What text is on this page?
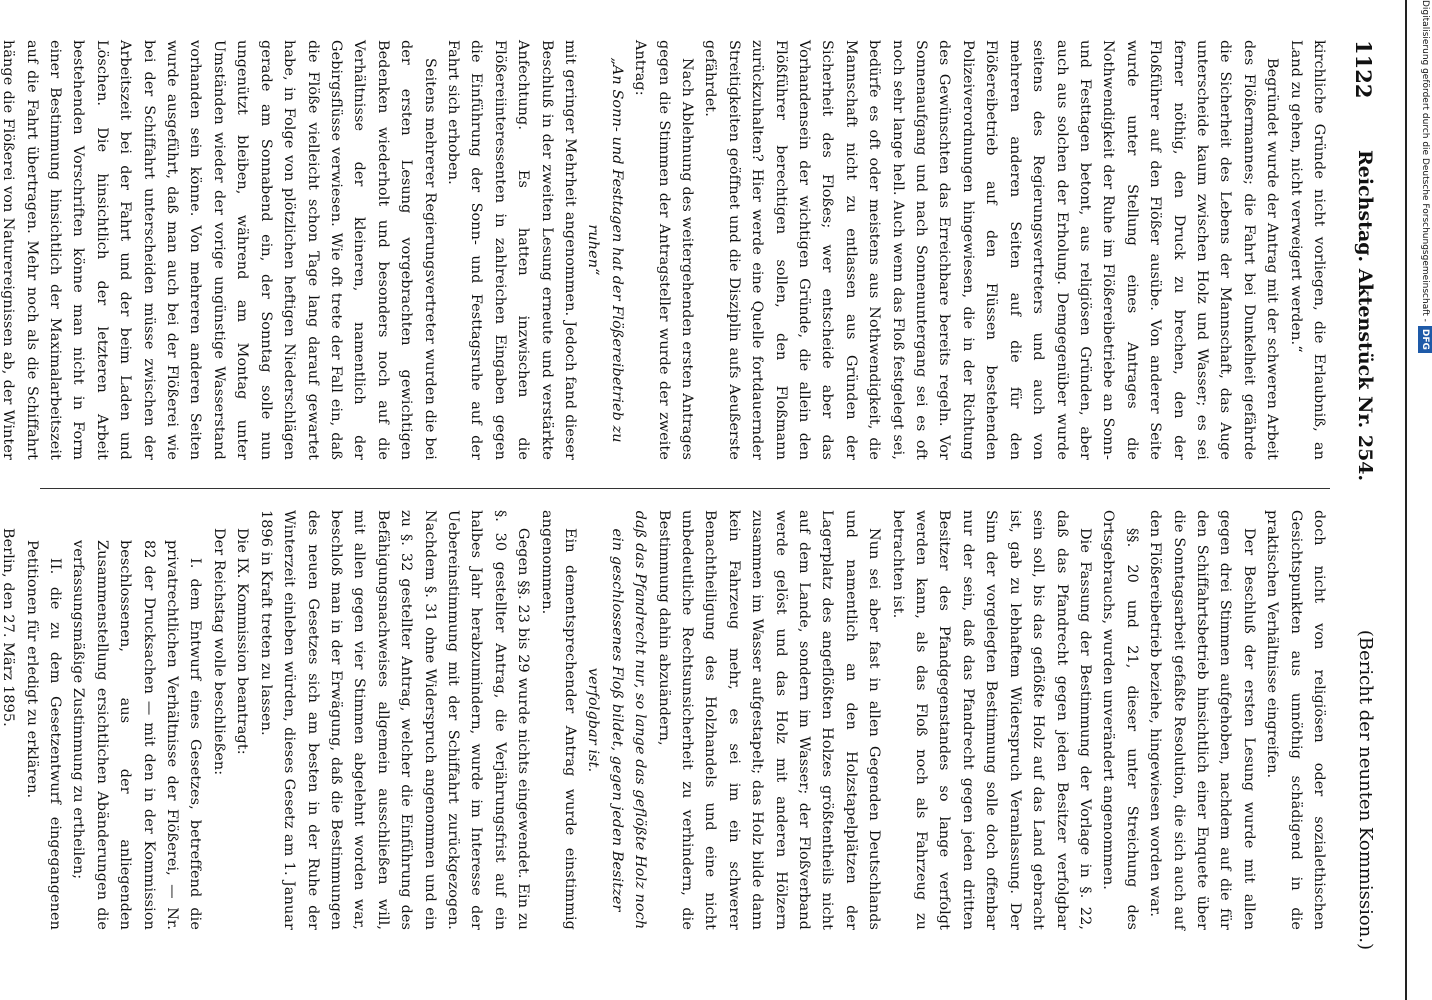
1122
Reichstag. Aktenstück Nr. 254.
(Bericht der neunten Kommission.)

kirchliche Gründe nicht vorliegen, die Erlaubniß, an Land zu gehen, nicht verweigert werden.“

Begründet wurde der Antrag mit der schweren Arbeit des Flößermannes; die Fahrt bei Dunkelheit gefährde die Sicherheit des Lebens der Mannschaft, das Auge unterscheide kaum zwischen Holz und Wasser; es sei ferner nöthig, den Druck zu brechen, den der Floßführer auf den Flößer ausübe. Von anderer Seite wurde unter Stellung eines Antrages die Nothwendigkeit der Ruhe im Flößereibetriebe an Sonn- und Festtagen betont, aus religiösen Gründen, aber auch aus solchen der Erholung. Demgegenüber wurde seitens des Regierungsvertreters und auch von mehreren anderen Seiten auf die für den Flößereibetrieb auf den Flüssen bestehenden Polizeiverordnungen hingewiesen, die in der Richtung des Gewünschten das Erreichbare bereits regeln. Vor Sonnenaufgang und nach Sonnenuntergang sei es oft noch sehr lange hell. Auch wenn das Floß festgelegt sei, bedürfe es oft oder meistens aus Nothwendigkeit, die Mannschaft nicht zu entlassen aus Gründen der Sicherheit des Floßes; wer entscheide aber das Vorhandensein der wichtigen Gründe, die allein den Flößführer berechtigen sollen, den Floßmann zurückzuhalten? Hier werde eine Quelle fortdauernder Streitigkeiten geöffnet und die Disziplin aufs Aeußerste gefährdet.

Nach Ablehnung des weitergehenden ersten Antrages gegen die Stimmen der Antragsteller wurde der zweite Antrag:

„An Sonn- und Festtagen hat der Flößereibetrieb zu ruhen“

mit geringer Mehrheit angenommen. Jedoch fand dieser Beschluß in der zweiten Lesung erneute und verstärkte Anfechtung. Es hatten inzwischen die Flößereiinteressenten in zahlreichen Eingaben gegen die Einführung der Sonn- und Festtagsruhe auf der Fahrt sich erhoben.

Seitens mehrerer Regierungsvertreter wurden die bei der ersten Lesung vorgebrachten gewichtigen Bedenken wiederholt und besonders noch auf die Verhältnisse der kleineren, namentlich der Gebirgsflüsse verwiesen. Wie oft trete der Fall ein, daß die Flöße vielleicht schon Tage lang darauf gewartet habe, in Folge von plötzlichen heftigen Niederschlägen gerade am Sonnabend ein, der Sonntag solle nun ungenützt bleiben, während am Montag unter Umständen wieder der vorige ungünstige Wasserstand vorhanden sein könne. Von mehreren anderen Seiten wurde ausgeführt, daß man auch bei der Flößerei wie bei der Schiffahrt unterscheiden müsse zwischen der Arbeitszeit bei der Fahrt und der beim Laden und Löschen. Die hinsichtlich der letzteren Arbeit bestehenden Vorschriften könne man nicht in Form einer Bestimmung hinsichtlich der Maximalarbeitszeit auf die Fahrt übertragen. Mehr noch als die Schiffahrt hänge die Flößerei von Naturereignissen ab, der Winter

doch nicht von religiösen oder sozialethischen Gesichtspunkten aus unnöthig schädigend in die praktischen Verhältnisse eingreifen.

Der Beschluß der ersten Lesung wurde mit allen gegen drei Stimmen aufgehoben, nachdem auf die für den Schiffahrtsbetrieb hinsichtlich einer Enquete über die Sonntagsarbeit gefaßte Resolution, die sich auch auf den Flößereibetrieb beziehe, hingewiesen worden war.

§§. 20 und 21, dieser unter Streichung des Ortsgebrauchs, wurden unverändert angenommen.

Die Fassung der Bestimmung der Vorlage in §. 22, daß das Pfandrecht gegen jeden Besitzer verfolgbar sein soll, bis das geflößte Holz auf das Land gebracht ist, gab zu lebhaftem Widerspruch Veranlassung. Der Sinn der vorgelegten Bestimmung solle doch offenbar nur der sein, daß das Pfandrecht gegen jeden dritten Besitzer des Pfandgegenstandes so lange verfolgt werden kann, als das Floß noch als Fahrzeug zu betrachten ist.

Nun sei aber fast in allen Gegenden Deutschlands und namentlich an den Holzstapelplätzen der Lagerplatz des angeflößten Holzes größtentheils nicht auf dem Lande, sondern im Wasser; der Floßverband werde gelöst und das Holz mit anderen Hölzern zusammen im Wasser aufgestapelt; das Holz bilde dann kein Fahrzeug mehr, es sei im ein schwerer Benachtheiligung des Holzhandels und eine nicht unbedeutliche Rechtsunsicherheit zu verhindern, die Bestimmung dahin abzuändern,

daß das Pfandrecht nur, so lange das geflößte Holz noch ein geschlossenes Floß bildet, gegen jeden Besitzer verfolgbar ist.

Ein dementsprechender Antrag wurde einstimmig angenommen.

Gegen §§. 23 bis 29 wurde nichts eingewendet. Ein zu §. 30 gestellter Antrag, die Verjährungsfrist auf ein halbes Jahr herabzumindern, wurde im Interesse der Uebereinstimmung mit der Schiffahrt zurückgezogen. Nachdem §. 31 ohne Widerspruch angenommen und ein zu §. 32 gestellter Antrag, welcher die Einführung des Befähigungsnachweises allgemein ausschließen will, mit allen gegen vier Stimmen abgelehnt worden war, beschloß man in der Erwägung, daß die Bestimmungen des neuen Gesetzes sich am besten in der Ruhe der Winterzeit einleben würden, dieses Gesetz am 1. Januar 1896 in Kraft treten zu lassen.

Die IX. Kommission beantragt:

Der Reichstag wolle beschließen:

I. dem Entwurf eines Gesetzes, betreffend die privatrechtlichen Verhältnisse der Flößerei, — Nr. 82 der Drucksachen — mit den in der Kommission beschlossenen, aus der anliegenden Zusammenstellung ersichtlichen Abänderungen die verfassungsmäßige Zustimmung zu ertheilen;

II. die zu dem Gesetzentwurf eingegangenen Petitionen für erledigt zu erklären.

Berlin, den 27. März 1895.

Digitalisierung gefördert durch die Deutsche Forschungsgemeinschaft -DFG
